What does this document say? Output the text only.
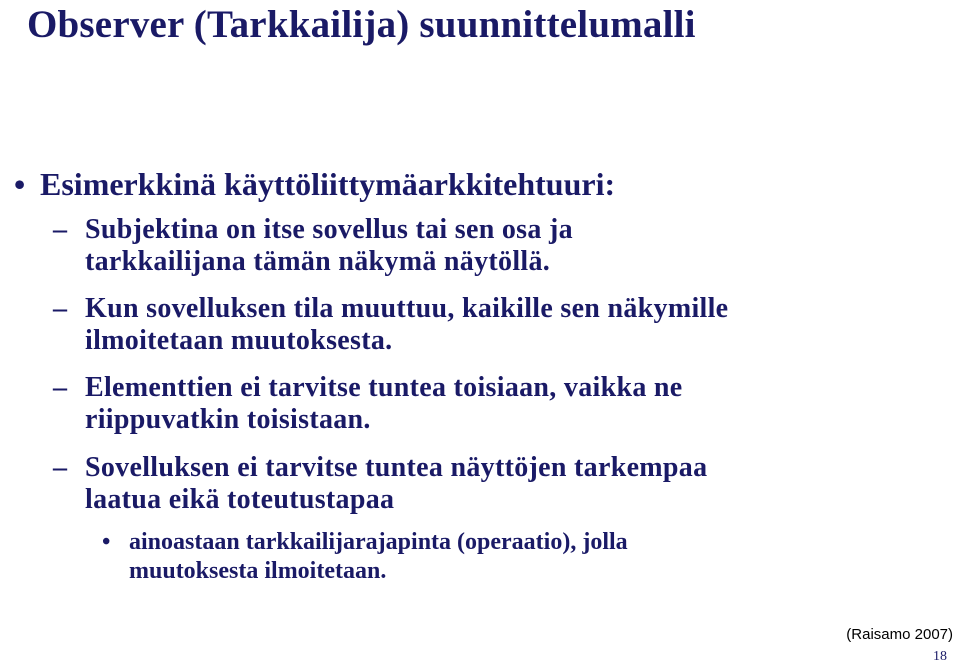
Observer (Tarkkailija) suunnittelumalli
• Esimerkkinä käyttöliittymäarkkitehtuuri:
– Subjektina on itse sovellus tai sen osa ja
tarkkailijana tämän näkymä näytöllä.
– Kun sovelluksen tila muuttuu, kaikille sen näkymille
ilmoitetaan muutoksesta.
– Elementtien ei tarvitse tuntea toisiaan, vaikka ne
riippuvatkin toisistaan.
– Sovelluksen ei tarvitse tuntea näyttöjen tarkempaa
laatua eikä toteutustapaa
• ainoastaan tarkkailijarajapinta (operaatio), jolla
muutoksesta ilmoitetaan.
(Raisamo 2007)
18
